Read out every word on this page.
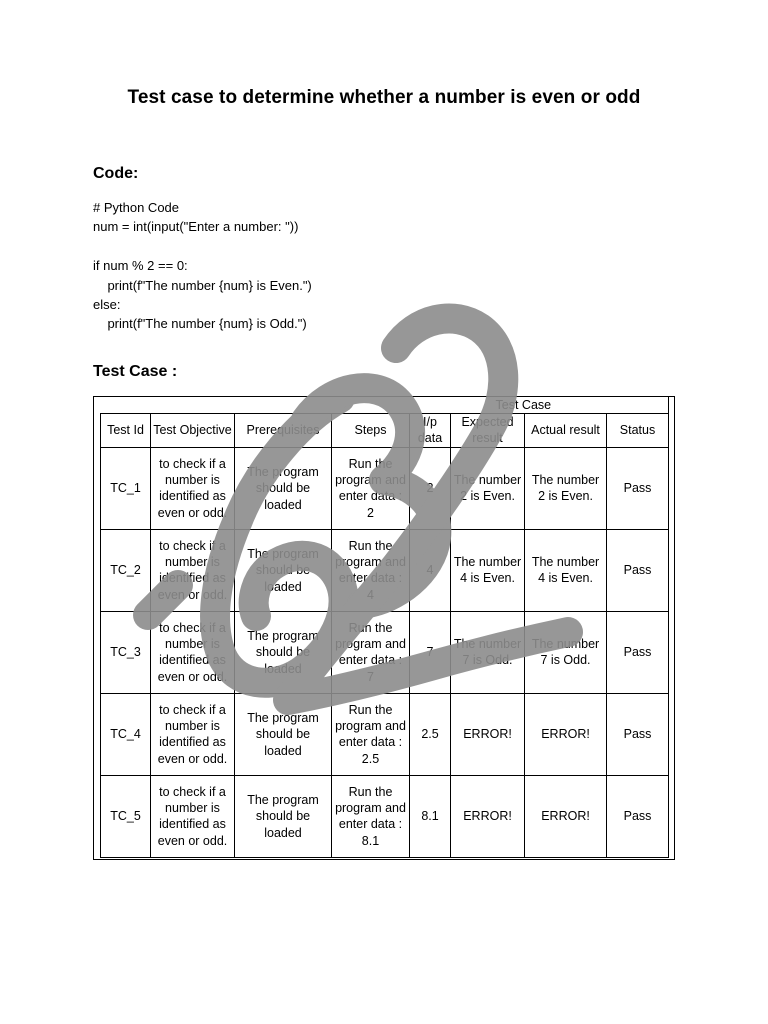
Test case to determine whether a number is even or odd
Code:
# Python Code
num = int(input("Enter a number: "))
if num % 2 == 0:
print(f"The number {num} is Even.")
else:
print(f"The number {num} is Odd.")
Test Case :
					Test Case		
Test Id	Test Objective	Prerequisites	Steps	I/p data	Expected result	Actual result	Status
TC_1	to check if a number is identified as even or odd.	The program should be loaded	Run the program and enter data : 2	2	The number 2 is Even.	The number 2 is Even.	Pass
TC_2	to check if a number is identified as even or odd.	The program should be loaded	Run the program and enter data : 4	4	The number 4 is Even.	The number 4 is Even.	Pass
TC_3	to check if a number is identified as even or odd.	The program should be loaded	Run the program and enter data : 7	7	The number 7 is Odd.	The number 7 is Odd.	Pass
TC_4	to check if a number is identified as even or odd.	The program should be loaded	Run the program and enter data : 2.5	2.5	ERROR!	ERROR!	Pass
TC_5	to check if a number is identified as even or odd.	The program should be loaded	Run the program and enter data : 8.1	8.1	ERROR!	ERROR!	Pass
